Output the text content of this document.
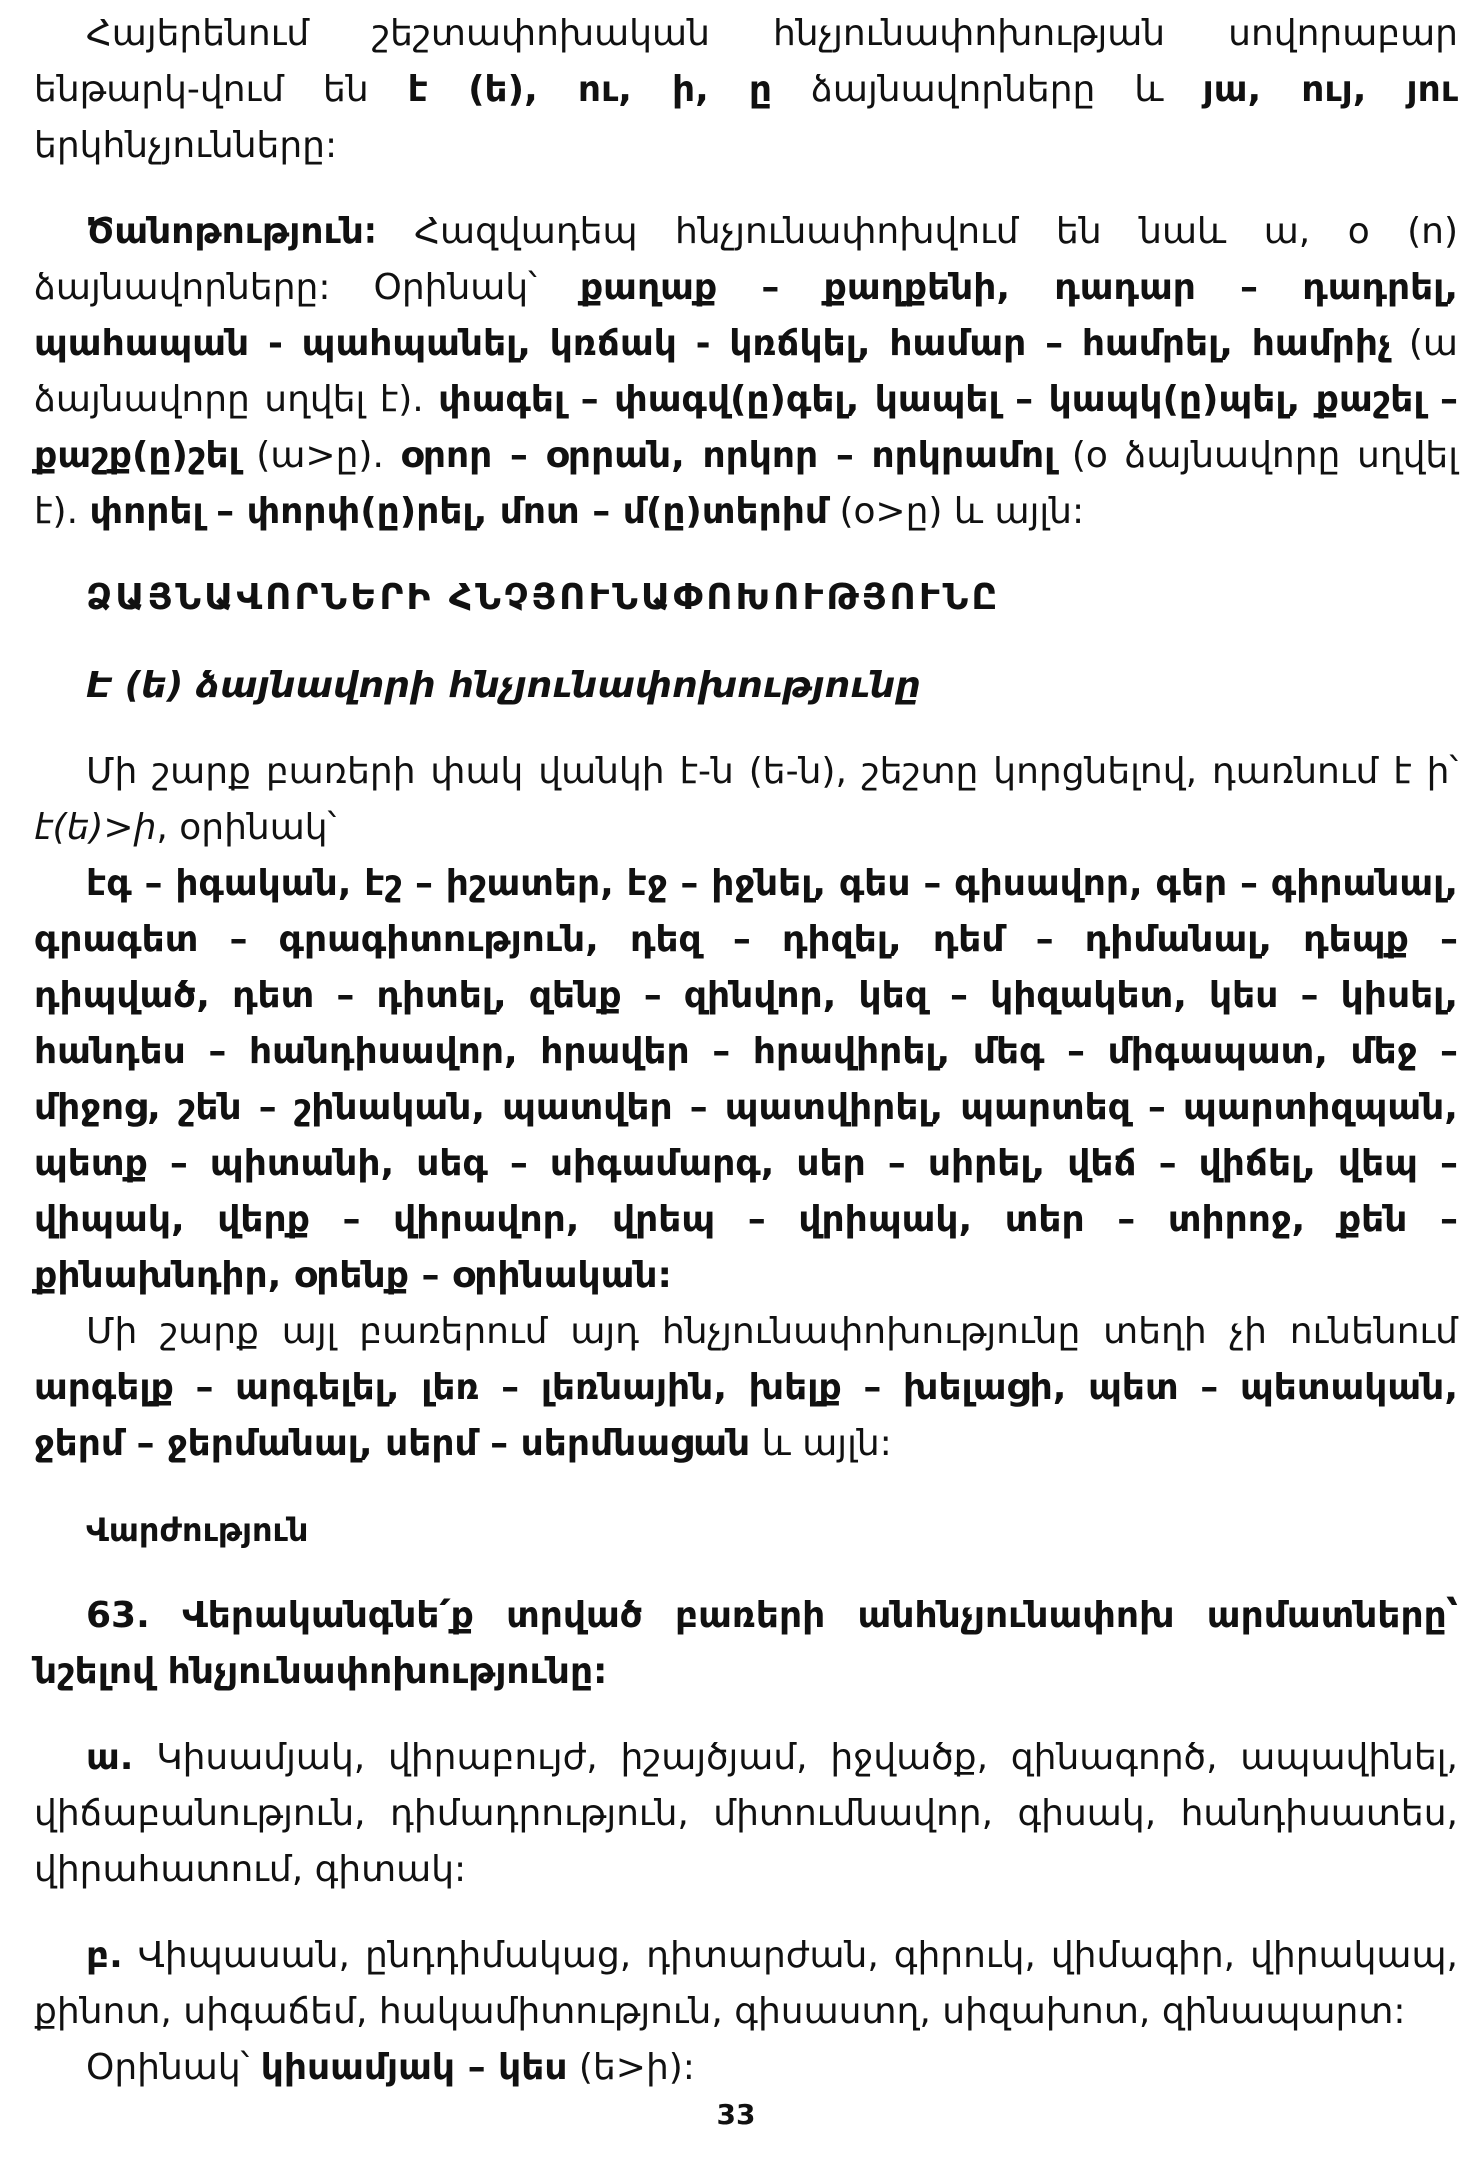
Հայերենում շեշտափոխական հնչյունափոխության սովորաբար ենթարկ-վում են է (ե), ու, ի, ը ձայնավորները և յա, ույ, յու երկհնչյունները:

Ծանոթություն։ Հազվադեպ հնչյունափոխվում են նաև ա, օ (ո) ձայնավորները: Օրինակ՝ քաղաք – քաղքենի, դադար – դադրել, պահապան - պահպանել, կռճակ - կռճկել, համար – համրել, համրիչ (ա ձայնավորը սղվել է). փագել – փագվ(ը)գել, կապել – կապկ(ը)պել, քաշել – քաշք(ը)շել (ա>ը). օրոր – օրրան, որկոր – որկրամոլ (օ ձայնավորը սղվել է). փորել – փորփ(ը)րել, մոտ – մ(ը)տերիմ (օ>ը) և այլն:

ՁԱՅՆԱՎՈՐՆԵՐԻ ՀՆՉՅՈՒՆԱՓՈԽՈՒԹՅՈՒՆԸ

Է (ե) ձայնավորի հնչյունափոխությունը

Մի շարք բառերի փակ վանկի է-ն (ե-ն), շեշտը կորցնելով, դառնում է ի՝ է(ե)>ի, օրինակ՝

էգ – իգական, էշ – իշատեր, էջ – իջնել, գես – գիսավոր, գեր – գիրանալ, գրագետ – գրագիտություն, դեզ – դիզել, դեմ – դիմանալ, դեպք – դիպված, դետ – դիտել, զենք – զինվոր, կեզ – կիզակետ, կես – կիսել, հանդես – հանդիսավոր, հրավեր – հրավիրել, մեգ – միգապատ, մեջ – միջոց, շեն – շինական, պատվեր – պատվիրել, պարտեզ – պարտիզպան, պետք – պիտանի, սեգ – սիգամարգ, սեր – սիրել, վեճ – վիճել, վեպ – վիպակ, վերք – վիրավոր, վրեպ – վրիպակ, տեր – տիրոջ, քեն – քինախնդիր, օրենք – օրինական:

Մի շարք այլ բառերում այդ հնչյունափոխությունը տեղի չի ունենում արգելք – արգելել, լեռ – լեռնային, խելք – խելացի, պետ – պետական, ջերմ – ջերմանալ, սերմ – սերմնացան և այլն:

Վարժություն

63. Վերականգնե՛ք տրված բառերի անհնչյունափոխ արմատները՝ նշելով հնչյունափոխությունը:

ա. Կիսամյակ, վիրաբույժ, իշայծյամ, իջվածք, զինագործ, ապավինել, վիճաբանություն, դիմադրություն, միտումնավոր, գիսակ, հանդիսատես, վիրահատում, գիտակ:

բ. Վիպասան, ընդդիմակաց, դիտարժան, գիրուկ, վիմագիր, վիրակապ, քինոտ, սիգաճեմ, հակամիտություն, գիսաստղ, սիզախոտ, զինապարտ:

Օրինակ՝ կիսամյակ – կես (ե>ի):

33
